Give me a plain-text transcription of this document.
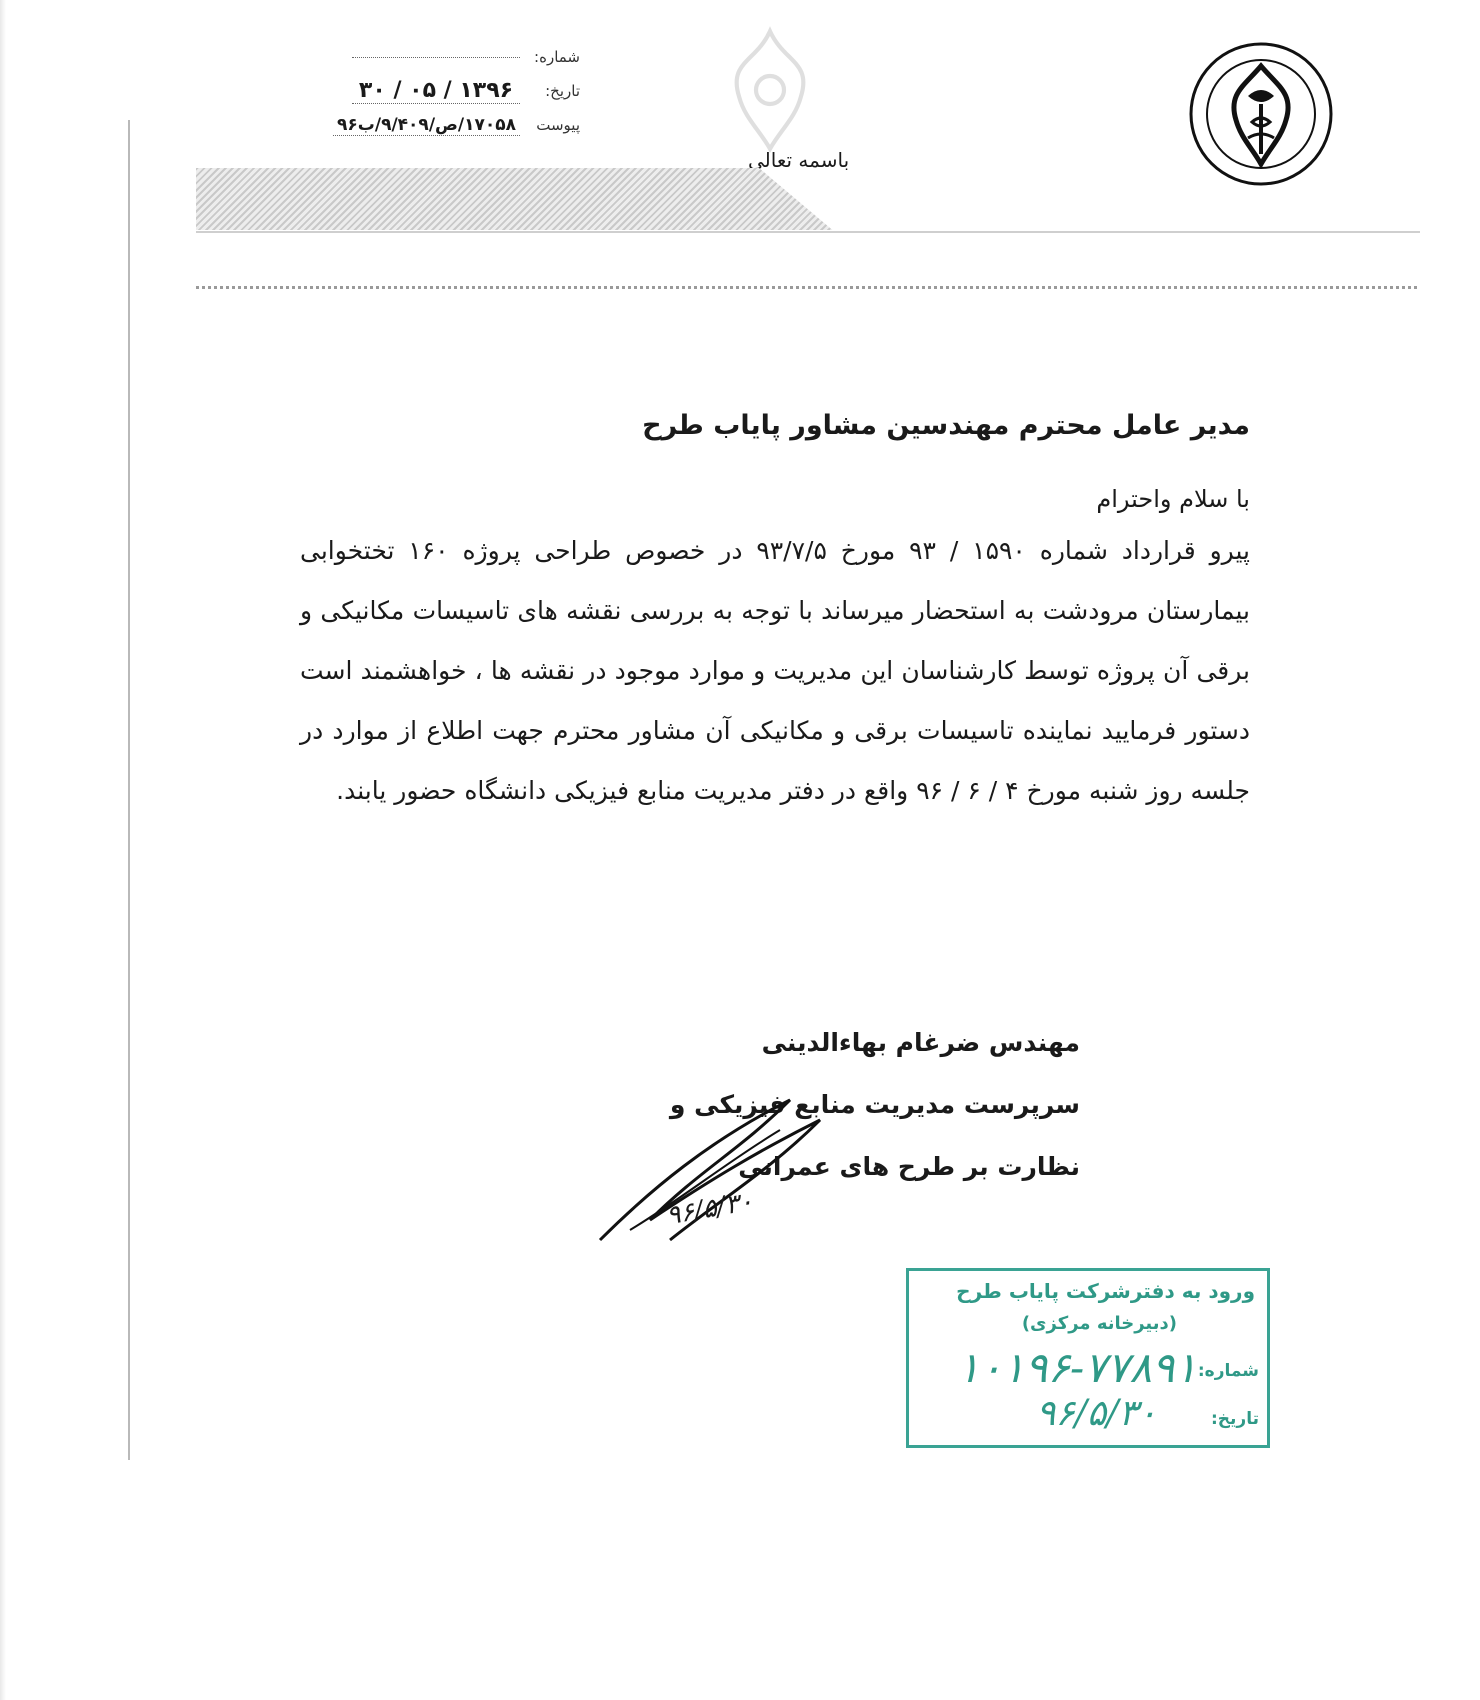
شماره:
تاریخ:
۱۳۹۶ / ۰۵ / ۳۰
پیوست
۱۷۰۵۸/ص/۹/۴۰۹/ب۹۶
باسمه تعالی

مدیر عامل محترم مهندسین مشاور پایاب طرح

با سلام واحترام

پیرو قرارداد شماره ۱۵۹۰ / ۹۳ مورخ ۹۳/۷/۵ در خصوص طراحی پروژه ۱۶۰ تختخوابی بیمارستان مرودشت به استحضار میرساند با توجه به بررسی نقشه های تاسیسات مکانیکی و برقی آن پروژه توسط کارشناسان این مدیریت و موارد موجود در نقشه ها ، خواهشمند است دستور فرمایید نماینده تاسیسات برقی و مکانیکی آن مشاور محترم جهت اطلاع از موارد در جلسه روز شنبه مورخ ۴ / ۶ / ۹۶ واقع در دفتر مدیریت منابع فیزیکی دانشگاه حضور یابند.

مهندس ضرغام بهاءالدینی
سرپرست مدیریت منابع فیزیکی و
نظارت بر طرح های عمرانی
۹۶/۵/۳۰
ورود به دفترشرکت پایاب طرح
(دبیرخانه مرکزی)
شماره:
۱۰۱۹۶-۷۷۸۹۱
تاریخ:
۹۶/۵/۳۰
